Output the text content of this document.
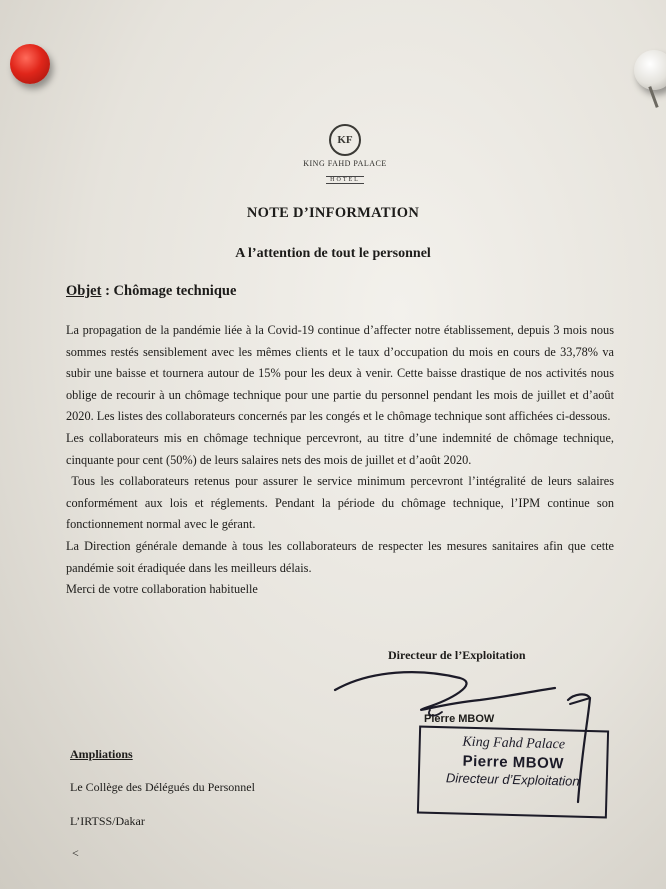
KF
KING FAHD PALACE
HOTEL
NOTE D’INFORMATION
A l’attention de tout le personnel
Objet : Chômage technique

La propagation de la pandémie liée à la Covid-19 continue d’affecter notre établissement, depuis 3 mois nous sommes restés sensiblement avec les mêmes clients et le taux d’occupation du mois en cours de 33,78% va subir une baisse et tournera autour de 15% pour les deux à venir. Cette baisse drastique de nos activités nous oblige de recourir à un chômage technique pour une partie du personnel pendant les mois de juillet et d’août 2020. Les listes des collaborateurs concernés par les congés et le chômage technique sont affichées ci-dessous.

Les collaborateurs mis en chômage technique percevront, au titre d’une indemnité de chômage technique, cinquante pour cent (50%) de leurs salaires nets des mois de juillet et d’août 2020.

Tous les collaborateurs retenus pour assurer le service minimum percevront l’intégralité de leurs salaires conformément aux lois et réglements. Pendant la période du chômage technique, l’IPM continue son fonctionnement normal avec le gérant.

La Direction générale demande à tous les collaborateurs de respecter les mesures sanitaires afin que cette pandémie soit éradiquée dans les meilleurs délais.

Merci de votre collaboration habituelle

Directeur de l’Exploitation
Pierre MBOW
King Fahd Palace
Pierre MBOW
Directeur d’Exploitation
Ampliations
Le Collège des Délégués du Personnel
L’IRTSS/Dakar
<
